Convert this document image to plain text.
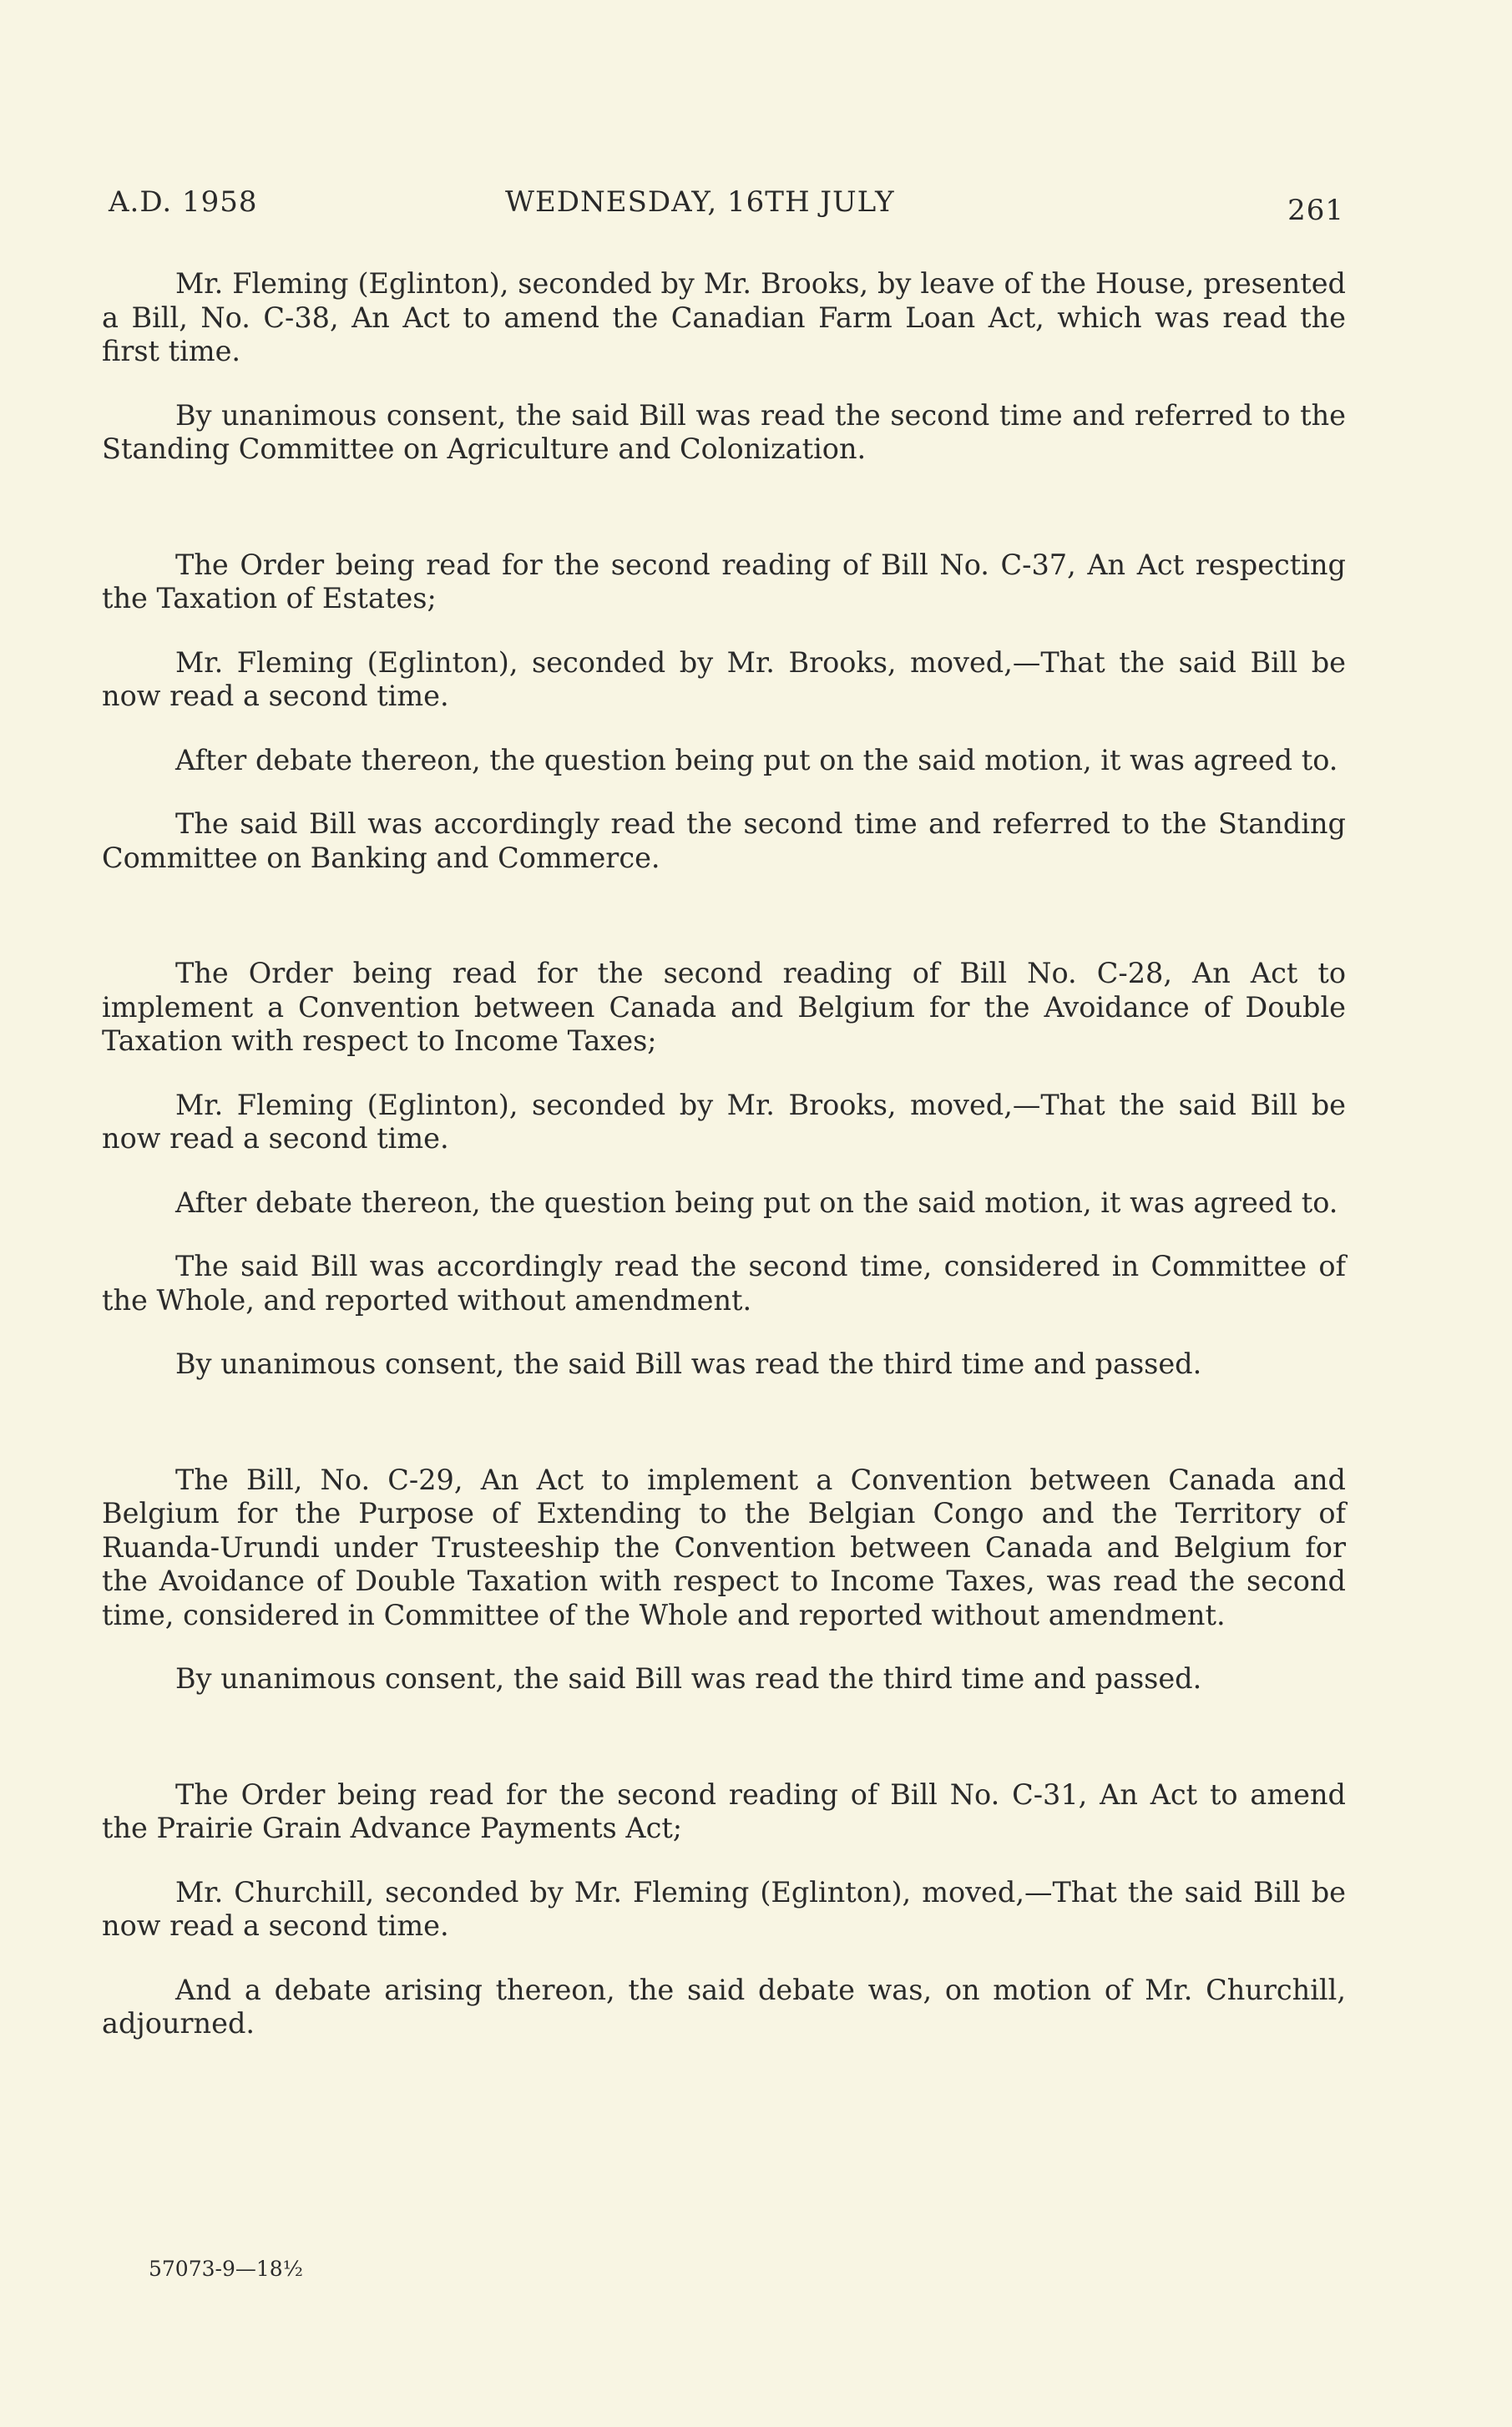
A.D. 1958	WEDNESDAY, 16TH JULY	261

Mr. Fleming (Eglinton), seconded by Mr. Brooks, by leave of the House, presented a Bill, No. C-38, An Act to amend the Canadian Farm Loan Act, which was read the first time.

By unanimous consent, the said Bill was read the second time and referred to the Standing Committee on Agriculture and Colonization.

The Order being read for the second reading of Bill No. C-37, An Act respecting the Taxation of Estates;

Mr. Fleming (Eglinton), seconded by Mr. Brooks, moved,—That the said Bill be now read a second time.

After debate thereon, the question being put on the said motion, it was agreed to.

The said Bill was accordingly read the second time and referred to the Standing Committee on Banking and Commerce.

The Order being read for the second reading of Bill No. C-28, An Act to implement a Convention between Canada and Belgium for the Avoidance of Double Taxation with respect to Income Taxes;

Mr. Fleming (Eglinton), seconded by Mr. Brooks, moved,—That the said Bill be now read a second time.

After debate thereon, the question being put on the said motion, it was agreed to.

The said Bill was accordingly read the second time, considered in Committee of the Whole, and reported without amendment.

By unanimous consent, the said Bill was read the third time and passed.

The Bill, No. C-29, An Act to implement a Convention between Canada and Belgium for the Purpose of Extending to the Belgian Congo and the Territory of Ruanda-Urundi under Trusteeship the Convention between Canada and Belgium for the Avoidance of Double Taxation with respect to Income Taxes, was read the second time, considered in Committee of the Whole and reported without amendment.

By unanimous consent, the said Bill was read the third time and passed.

The Order being read for the second reading of Bill No. C-31, An Act to amend the Prairie Grain Advance Payments Act;

Mr. Churchill, seconded by Mr. Fleming (Eglinton), moved,—That the said Bill be now read a second time.

And a debate arising thereon, the said debate was, on motion of Mr. Churchill, adjourned.

57073-9—18½
